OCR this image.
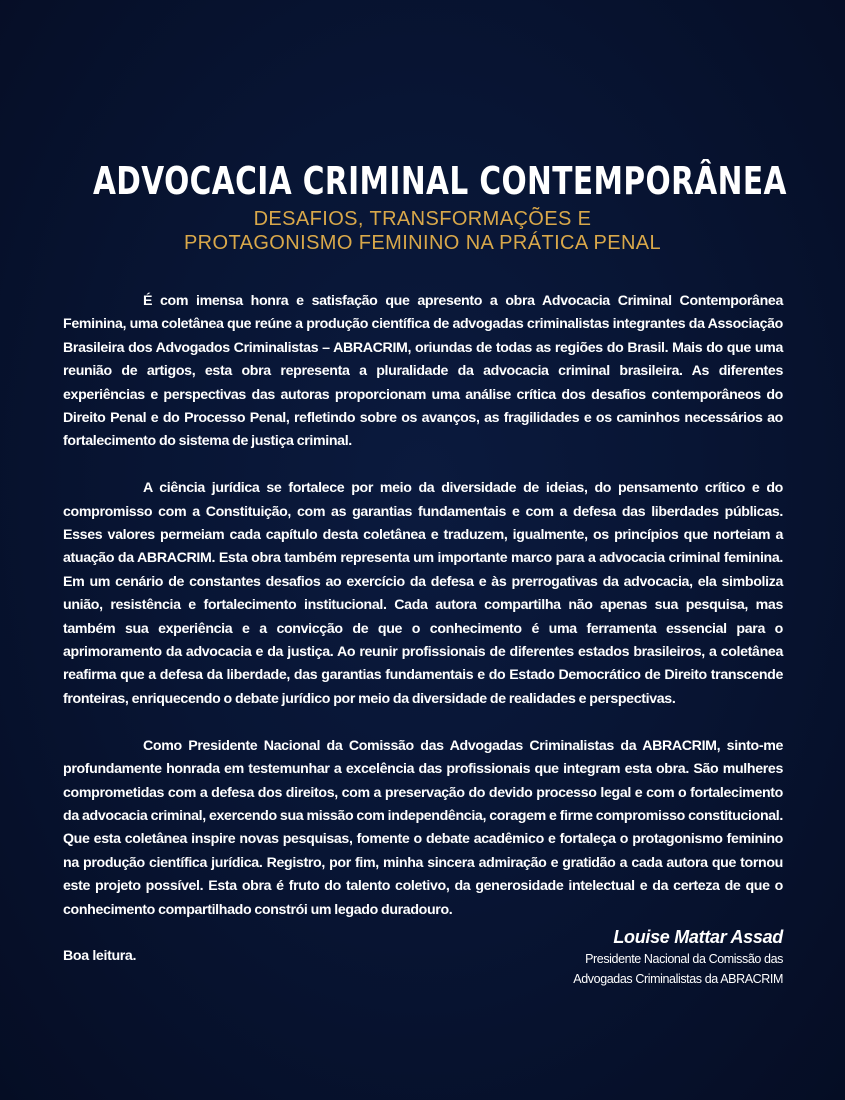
ADVOCACIA CRIMINAL CONTEMPORÂNEA

DESAFIOS, TRANSFORMAÇÕES E

PROTAGONISMO FEMININO NA PRÁTICA PENAL

É com imensa honra e satisfação que apresento a obra Advocacia Criminal Contemporânea Feminina, uma coletânea que reúne a produção científica de advogadas criminalistas integrantes da Associação Brasileira dos Advogados Criminalistas – ABRACRIM, oriundas de todas as regiões do Brasil. Mais do que uma reunião de artigos, esta obra representa a pluralidade da advocacia criminal brasileira. As diferentes experiências e perspectivas das autoras proporcionam uma análise crítica dos desafios contemporâneos do Direito Penal e do Processo Penal, refletindo sobre os avanços, as fragilidades e os caminhos necessários ao fortalecimento do sistema de justiça criminal.

A ciência jurídica se fortalece por meio da diversidade de ideias, do pensamento crítico e do compromisso com a Constituição, com as garantias fundamentais e com a defesa das liberdades públicas. Esses valores permeiam cada capítulo desta coletânea e traduzem, igualmente, os princípios que norteiam a atuação da ABRACRIM. Esta obra também representa um importante marco para a advocacia criminal feminina. Em um cenário de constantes desafios ao exercício da defesa e às prerrogativas da advocacia, ela simboliza união, resistência e fortalecimento institucional. Cada autora compartilha não apenas sua pesquisa, mas também sua experiência e a convicção de que o conhecimento é uma ferramenta essencial para o aprimoramento da advocacia e da justiça. Ao reunir profissionais de diferentes estados brasileiros, a coletânea reafirma que a defesa da liberdade, das garantias fundamentais e do Estado Democrático de Direito transcende fronteiras, enriquecendo o debate jurídico por meio da diversidade de realidades e perspectivas.

Como Presidente Nacional da Comissão das Advogadas Criminalistas da ABRACRIM, sinto-me profundamente honrada em testemunhar a excelência das profissionais que integram esta obra. São mulheres comprometidas com a defesa dos direitos, com a preservação do devido processo legal e com o fortalecimento da advocacia criminal, exercendo sua missão com independência, coragem e firme compromisso constitucional. Que esta coletânea inspire novas pesquisas, fomente o debate acadêmico e fortaleça o protagonismo feminino na produção científica jurídica. Registro, por fim, minha sincera admiração e gratidão a cada autora que tornou este projeto possível. Esta obra é fruto do talento coletivo, da generosidade intelectual e da certeza de que o conhecimento compartilhado constrói um legado duradouro.

Boa leitura.

Louise Mattar Assad
Presidente Nacional da Comissão das
Advogadas Criminalistas da ABRACRIM
